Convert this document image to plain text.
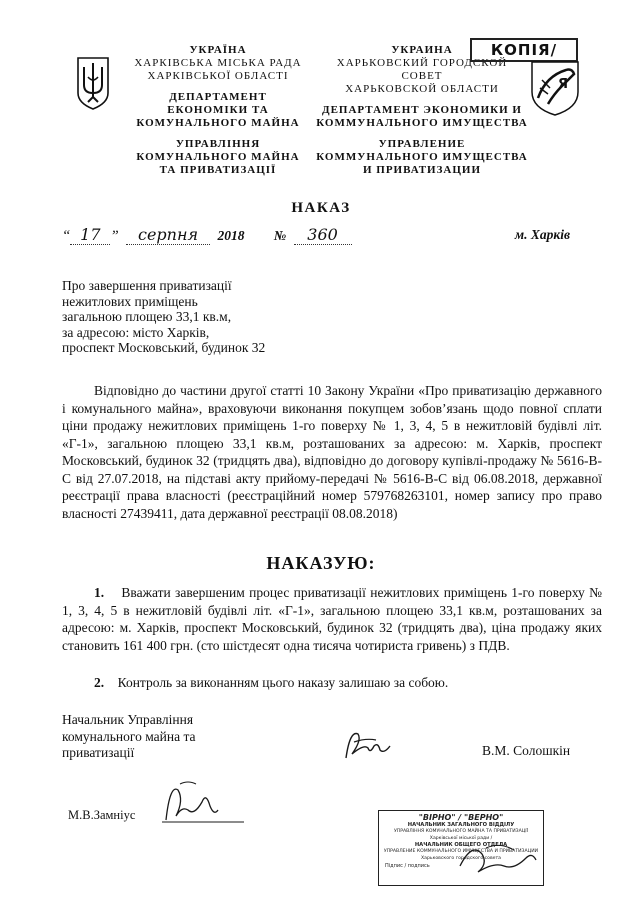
УКРАЇНА
ХАРКІВСЬКА МІСЬКА РАДА
ХАРКІВСЬКОЇ ОБЛАСТІ
ДЕПАРТАМЕНТ
ЕКОНОМІКИ ТА
КОМУНАЛЬНОГО МАЙНА
УПРАВЛІННЯ
КОМУНАЛЬНОГО МАЙНА
ТА ПРИВАТИЗАЦІЇ
УКРАИНА
ХАРЬКОВСКИЙ ГОРОДСКОЙ
СОВЕТ
ХАРЬКОВСКОЙ ОБЛАСТИ
ДЕПАРТАМЕНТ ЭКОНОМИКИ И
КОММУНАЛЬНОГО ИМУЩЕСТВА
УПРАВЛЕНИЕ
КОММУНАЛЬНОГО ИМУЩЕСТВА
И ПРИВАТИЗАЦИИ
КОПІЯ/
Я
НАКАЗ
“ 17 ” серпня 2018 № 360	м. Харків
Про завершення приватизації
нежитлових приміщень
загальною площею 33,1 кв.м,
за адресою: місто Харків,
проспект Московський, будинок 32
Відповідно до частини другої статті 10 Закону України «Про приватизацію державного і комунального майна», враховуючи виконання покупцем зобов’язань щодо повної сплати ціни продажу нежитлових приміщень 1-го поверху № 1, 3, 4, 5 в нежитловій будівлі літ. «Г-1», загальною площею 33,1 кв.м, розташованих за адресою: м. Харків, проспект Московський, будинок 32 (тридцять два), відповідно до договору купівлі-продажу № 5616-В-С від 27.07.2018, на підставі акту прийому-передачі № 5616-В-С від 06.08.2018, державної реєстрації права власності (реєстраційний номер 579768263101, номер запису про право власності 27439411, дата державної реєстрації 08.08.2018)
НАКАЗУЮ:
1. Вважати завершеним процес приватизації нежитлових приміщень 1-го поверху № 1, 3, 4, 5 в нежитловій будівлі літ. «Г-1», загальною площею 33,1 кв.м, розташованих за адресою: м. Харків, проспект Московський, будинок 32 (тридцять два), ціна продажу яких становить 161 400 грн. (сто шістдесят одна тисяча чотириста гривень) з ПДВ.
2. Контроль за виконанням цього наказу залишаю за собою.
Начальник Управління
комунального майна та
приватизації	В.М. Солошкін
М.В.Замніус	"ВІРНО" / "ВЕРНО"
НАЧАЛЬНИК ЗАГАЛЬНОГО ВІДДІЛУ
УПРАВЛІННЯ КОМУНАЛЬНОГО МАЙНА ТА ПРИВАТИЗАЦІЇ
Харківської міської ради /
НАЧАЛЬНИК ОБЩЕГО ОТДЕЛА
УПРАВЛЕНИЕ КОММУНАЛЬНОГО ИМУЩЕСТВА И ПРИВАТИЗАЦИИ
Харьковского городского совета
Підпис / подпись
